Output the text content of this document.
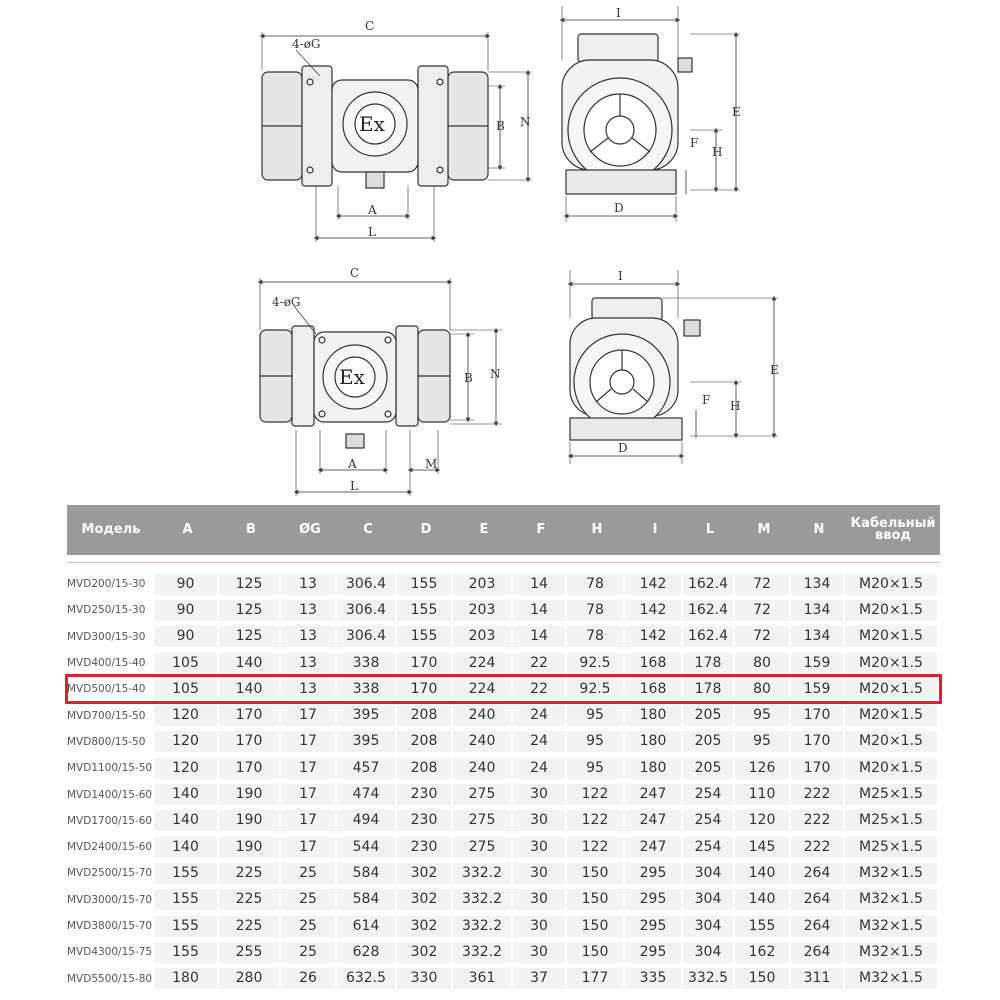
C
4-øG
B N
A
L
Ex
I
E
F
H
D
C
4-øG
B N
A
L
M
Ex
I
E
F H
D
Модель	A	B	ØG	C	D	E	F	H	I	L	M	N	Кабельный ввод
MVD200/15-30	90	125	13	306.4	155	203	14	78	142	162.4	72	134	M20×1.5
MVD250/15-30	90	125	13	306.4	155	203	14	78	142	162.4	72	134	M20×1.5
MVD300/15-30	90	125	13	306.4	155	203	14	78	142	162.4	72	134	M20×1.5
MVD400/15-40	105	140	13	338	170	224	22	92.5	168	178	80	159	M20×1.5
MVD500/15-40	105	140	13	338	170	224	22	92.5	168	178	80	159	M20×1.5
MVD700/15-50	120	170	17	395	208	240	24	95	180	205	95	170	M20×1.5
MVD800/15-50	120	170	17	395	208	240	24	95	180	205	95	170	M20×1.5
MVD1100/15-50	120	170	17	457	208	240	24	95	180	205	126	170	M20×1.5
MVD1400/15-60	140	190	17	474	230	275	30	122	247	254	110	222	M25×1.5
MVD1700/15-60	140	190	17	494	230	275	30	122	247	254	120	222	M25×1.5
MVD2400/15-60	140	190	17	544	230	275	30	122	247	254	145	222	M25×1.5
MVD2500/15-70	155	225	25	584	302	332.2	30	150	295	304	140	264	M32×1.5
MVD3000/15-70	155	225	25	584	302	332.2	30	150	295	304	140	264	M32×1.5
MVD3800/15-70	155	225	25	614	302	332.2	30	150	295	304	155	264	M32×1.5
MVD4300/15-75	155	255	25	628	302	332.2	30	150	295	304	162	264	M32×1.5
MVD5500/15-80	180	280	26	632.5	330	361	37	177	335	332.5	150	311	M32×1.5
